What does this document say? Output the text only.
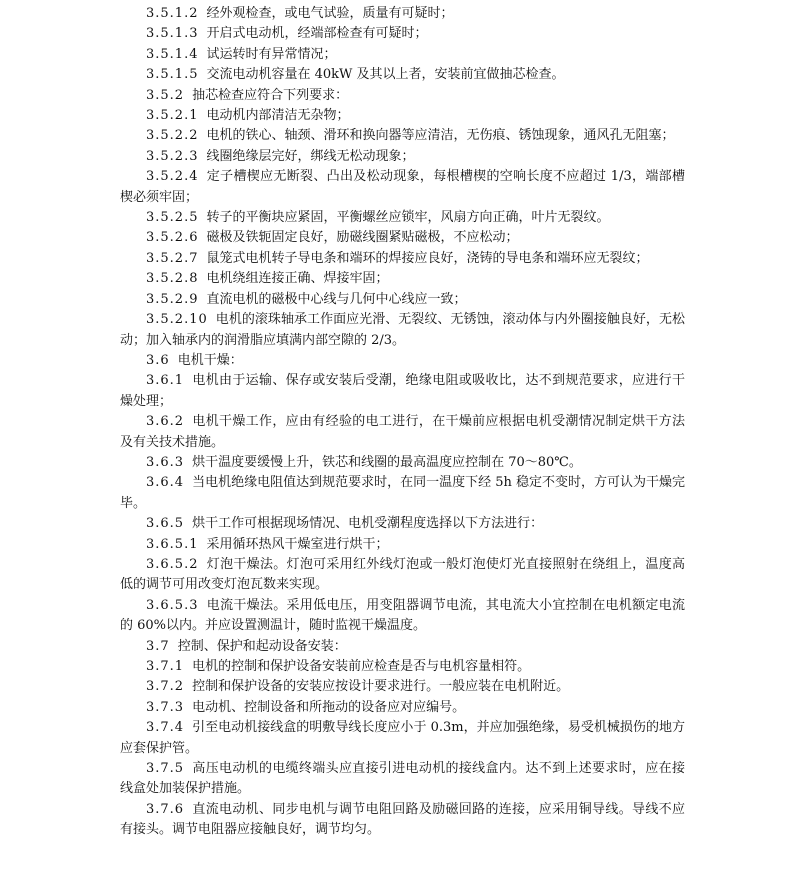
3.5.1.2 经外观检查，或电气试验，质量有可疑时；

3.5.1.3 开启式电动机，经端部检查有可疑时；

3.5.1.4 试运转时有异常情况；

3.5.1.5 交流电动机容量在 40kW 及其以上者，安装前宜做抽芯检查。

3.5.2 抽芯检查应符合下列要求：

3.5.2.1 电动机内部清洁无杂物；

3.5.2.2 电机的铁心、轴颈、滑环和换向器等应清洁，无伤痕、锈蚀现象，通风孔无阻塞；

3.5.2.3 线圈绝缘层完好，绑线无松动现象；

3.5.2.4 定子槽楔应无断裂、凸出及松动现象，每根槽楔的空响长度不应超过 1/3，端部槽楔必须牢固；

3.5.2.5 转子的平衡块应紧固，平衡螺丝应锁牢，风扇方向正确，叶片无裂纹。

3.5.2.6 磁极及铁轭固定良好，励磁线圈紧贴磁极，不应松动；

3.5.2.7 鼠笼式电机转子导电条和端环的焊接应良好，浇铸的导电条和端环应无裂纹；

3.5.2.8 电机绕组连接正确、焊接牢固；

3.5.2.9 直流电机的磁极中心线与几何中心线应一致；

3.5.2.10 电机的滚珠轴承工作面应光滑、无裂纹、无锈蚀，滚动体与内外圈接触良好，无松动；加入轴承内的润滑脂应填满内部空隙的 2/3。

3.6 电机干燥：

3.6.1 电机由于运输、保存或安装后受潮，绝缘电阻或吸收比，达不到规范要求，应进行干燥处理；

3.6.2 电机干燥工作，应由有经验的电工进行，在干燥前应根据电机受潮情况制定烘干方法及有关技术措施。

3.6.3 烘干温度要缓慢上升，铁芯和线圈的最高温度应控制在 70～80℃。

3.6.4 当电机绝缘电阻值达到规范要求时，在同一温度下经 5h 稳定不变时，方可认为干燥完毕。

3.6.5 烘干工作可根据现场情况、电机受潮程度选择以下方法进行：

3.6.5.1 采用循环热风干燥室进行烘干；

3.6.5.2 灯泡干燥法。灯泡可采用红外线灯泡或一般灯泡使灯光直接照射在绕组上，温度高低的调节可用改变灯泡瓦数来实现。

3.6.5.3 电流干燥法。采用低电压，用变阻器调节电流，其电流大小宜控制在电机额定电流的 60%以内。并应设置测温计，随时监视干燥温度。

3.7 控制、保护和起动设备安装：

3.7.1 电机的控制和保护设备安装前应检查是否与电机容量相符。

3.7.2 控制和保护设备的安装应按设计要求进行。一般应装在电机附近。

3.7.3 电动机、控制设备和所拖动的设备应对应编号。

3.7.4 引至电动机接线盒的明敷导线长度应小于 0.3m，并应加强绝缘，易受机械损伤的地方应套保护管。

3.7.5 高压电动机的电缆终端头应直接引进电动机的接线盒内。达不到上述要求时，应在接线盒处加装保护措施。

3.7.6 直流电动机、同步电机与调节电阻回路及励磁回路的连接，应采用铜导线。导线不应有接头。调节电阻器应接触良好，调节均匀。
